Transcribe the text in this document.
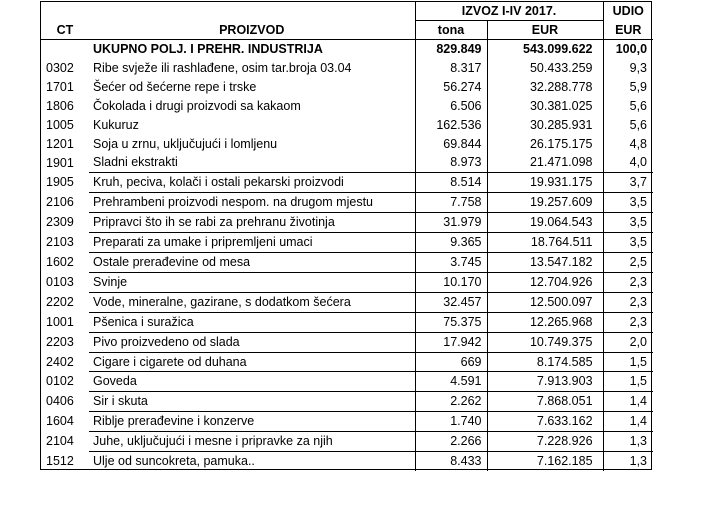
		IZVOZ I-IV 2017.		UDIO
CT	PROIZVOD	tona	EUR	EUR
	UKUPNO POLJ. I PREHR. INDUSTRIJA	829.849	543.099.622	100,0
0302	Ribe svježe ili rashlađene, osim tar.broja 03.04	8.317	50.433.259	9,3
1701	Šećer od šećerne repe i trske	56.274	32.288.778	5,9
1806	Čokolada i drugi proizvodi sa kakaom	6.506	30.381.025	5,6
1005	Kukuruz	162.536	30.285.931	5,6
1201	Soja u zrnu, uključujući i lomljenu	69.844	26.175.175	4,8
1901	Sladni ekstrakti	8.973	21.471.098	4,0
1905	Kruh, peciva, kolači i ostali pekarski proizvodi	8.514	19.931.175	3,7
2106	Prehrambeni proizvodi nespom. na drugom mjestu	7.758	19.257.609	3,5
2309	Pripravci što ih se rabi za prehranu životinja	31.979	19.064.543	3,5
2103	Preparati za umake i pripremljeni umaci	9.365	18.764.511	3,5
1602	Ostale prerađevine od mesa	3.745	13.547.182	2,5
0103	Svinje	10.170	12.704.926	2,3
2202	Vode, mineralne, gazirane, s dodatkom šećera	32.457	12.500.097	2,3
1001	Pšenica i suražica	75.375	12.265.968	2,3
2203	Pivo proizvedeno od slada	17.942	10.749.375	2,0
2402	Cigare i cigarete od duhana	669	8.174.585	1,5
0102	Goveda	4.591	7.913.903	1,5
0406	Sir i skuta	2.262	7.868.051	1,4
1604	Riblje prerađevine i konzerve	1.740	7.633.162	1,4
2104	Juhe, uključujući i mesne i pripravke za njih	2.266	7.228.926	1,3
1512	Ulje od suncokreta, pamuka..	8.433	7.162.185	1,3
